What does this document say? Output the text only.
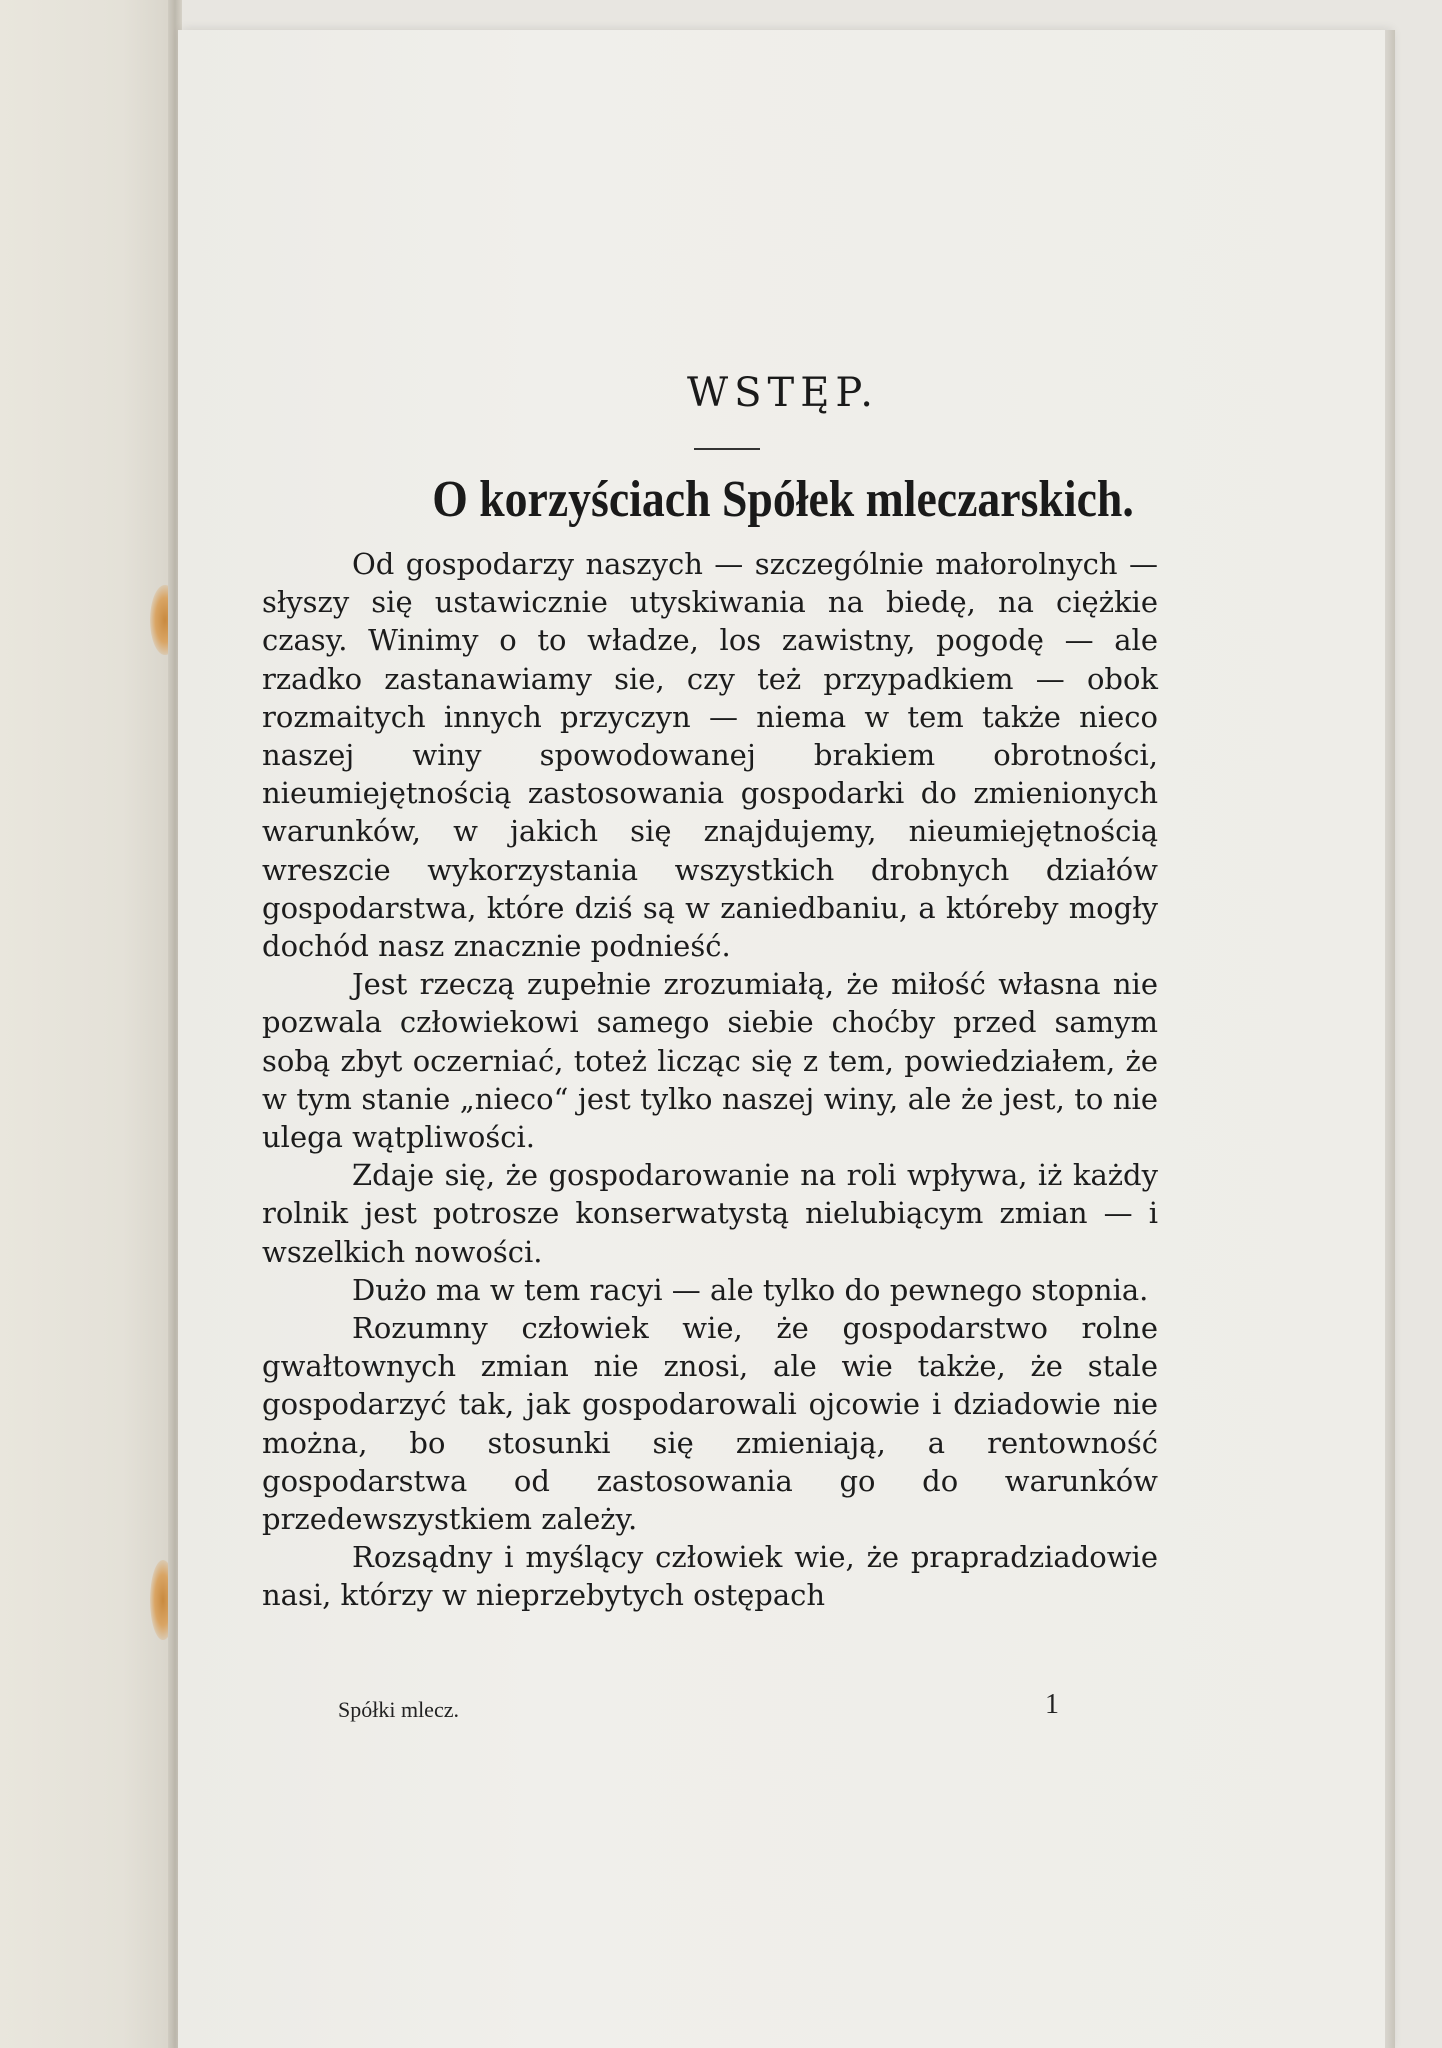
WSTĘP.
O korzyściach Spółek mleczarskich.

Od gospodarzy naszych — szczególnie małorolnych — słyszy się ustawicznie utyskiwania na biedę, na ciężkie czasy. Winimy o to władze, los zawistny, pogodę — ale rzadko zastanawiamy sie, czy też przypadkiem — obok rozmaitych innych przyczyn — niema w tem także nieco naszej winy spowodowanej brakiem obrotności, nieumiejętnością zastosowania gospodarki do zmienionych warunków, w jakich się znajdujemy, nieumiejętnością wreszcie wykorzystania wszystkich drobnych działów gospodarstwa, które dziś są w zaniedbaniu, a któreby mogły dochód nasz znacznie podnieść.

Jest rzeczą zupełnie zrozumiałą, że miłość własna nie pozwala człowiekowi samego siebie choćby przed samym sobą zbyt oczerniać, toteż licząc się z tem, powiedziałem, że w tym stanie „nieco“ jest tylko naszej winy, ale że jest, to nie ulega wątpliwości.

Zdaje się, że gospodarowanie na roli wpływa, iż każdy rolnik jest potrosze konserwatystą nielubiącym zmian — i wszelkich nowości.

Dużo ma w tem racyi — ale tylko do pewnego stopnia.

Rozumny człowiek wie, że gospodarstwo rolne gwałtownych zmian nie znosi, ale wie także, że stale gospodarzyć tak, jak gospodarowali ojcowie i dziadowie nie można, bo stosunki się zmieniają, a rentowność gospodarstwa od zastosowania go do warunków przedewszystkiem zależy.

Rozsądny i myślący człowiek wie, że prapradziadowie nasi, którzy w nieprzebytych ostępach

Spółki mlecz.	1
